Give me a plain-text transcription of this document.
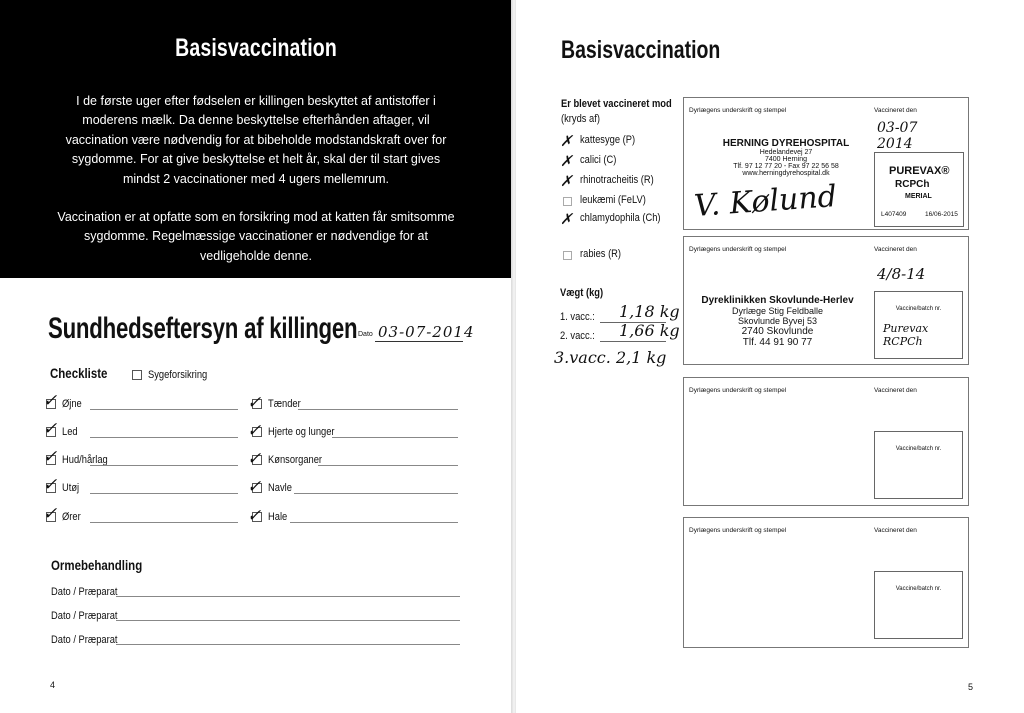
Basisvaccination

I de første uger efter fødselen er killingen beskyttet af antistoffer i moderens mælk. Da denne beskyttelse efterhånden aftager, vil vaccination være nødvendig for at bibeholde modstandskraft over for sygdomme. For at give beskyttelse et helt år, skal der til start gives mindst 2 vaccinationer med 4 ugers mellemrum.

Vaccination er at opfatte som en forsikring mod at katten får smitsomme sygdomme. Regelmæssige vaccinationer er nødvendige for at vedligeholde denne.

Sundhedseftersyn af killingen Dato 03-07-2014
Checkliste	Sygeforsikring
✓ Øjne
✓ Led
✓ Hud/hårlag
✓ Utøj
✓ Ører
✓ Tænder
✓ Hjerte og lunger
✓ Kønsorganer
✓ Navle
✓ Hale
Ormebehandling
Dato / Præparat
Dato / Præparat
Dato / Præparat
4
Basisvaccination
Er blevet vaccineret mod
(kryds af)
✗ kattesyge (P)
✗ calici (C)
✗ rhinotracheitis (R)
leukæmi (FeLV)
✗ chlamydophila (Ch)
rabies (R)
Vægt (kg)
1. vacc.: 1,18 kg
2. vacc.: 1,66 kg
3.vacc. 2,1 kg
Dyrlægens underskrift og stempel	Vaccineret den
03-07 2014
HERNING DYREHOSPITAL
Hedelandevej 27
7400 Herning
Tlf. 97 12 77 20 - Fax 97 22 56 58
www.herningdyrehospital.dk
V. Kølund
PUREVAX®
RCPCh
MERIAL
L407409	16/06-2015
Dyrlægens underskrift og stempel	Vaccineret den
4/8-14
Dyreklinikken Skovlunde-Herlev
Dyrlæge Stig Feldballe
Skovlunde Byvej 53
2740 Skovlunde
Tlf. 44 91 90 77
Vaccine/batch nr.
Purevax RCPCh
Dyrlægens underskrift og stempel	Vaccineret den
Vaccine/batch nr.
Dyrlægens underskrift og stempel	Vaccineret den
Vaccine/batch nr.
5
